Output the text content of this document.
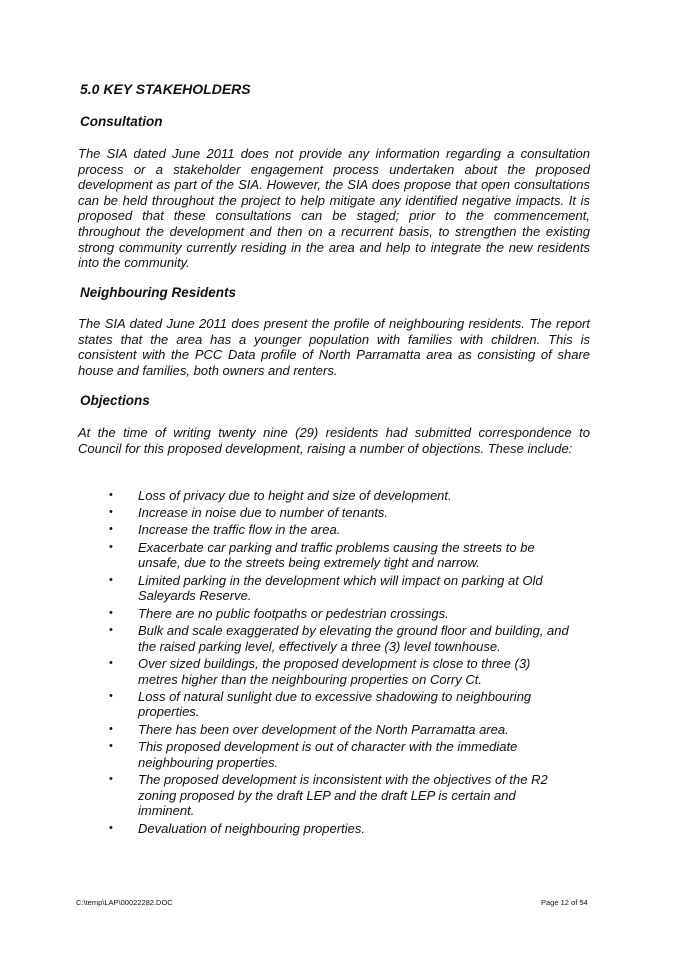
5.0 KEY STAKEHOLDERS
Consultation

The SIA dated June 2011 does not provide any information regarding a consultation process or a stakeholder engagement process undertaken about the proposed development as part of the SIA. However, the SIA does propose that open consultations can be held throughout the project to help mitigate any identified negative impacts. It is proposed that these consultations can be staged; prior to the commencement, throughout the development and then on a recurrent basis, to strengthen the existing strong community currently residing in the area and help to integrate the new residents into the community.

Neighbouring Residents

The SIA dated June 2011 does present the profile of neighbouring residents. The report states that the area has a younger population with families with children. This is consistent with the PCC Data profile of North Parramatta area as consisting of share house and families, both owners and renters.

Objections

At the time of writing twenty nine (29) residents had submitted correspondence to Council for this proposed development, raising a number of objections. These include:

• Loss of privacy due to height and size of development.
• Increase in noise due to number of tenants.
• Increase the traffic flow in the area.
• Exacerbate car parking and traffic problems causing the streets to be unsafe, due to the streets being extremely tight and narrow.
• Limited parking in the development which will impact on parking at Old Saleyards Reserve.
• There are no public footpaths or pedestrian crossings.
• Bulk and scale exaggerated by elevating the ground floor and building, and the raised parking level, effectively a three (3) level townhouse.
• Over sized buildings, the proposed development is close to three (3) metres higher than the neighbouring properties on Corry Ct.
• Loss of natural sunlight due to excessive shadowing to neighbouring properties.
• There has been over development of the North Parramatta area.
• This proposed development is out of character with the immediate neighbouring properties.
• The proposed development is inconsistent with the objectives of the R2 zoning proposed by the draft LEP and the draft LEP is certain and imminent.
• Devaluation of neighbouring properties.
C:\temp\LAP\00022282.DOC	Page 12 of 54
